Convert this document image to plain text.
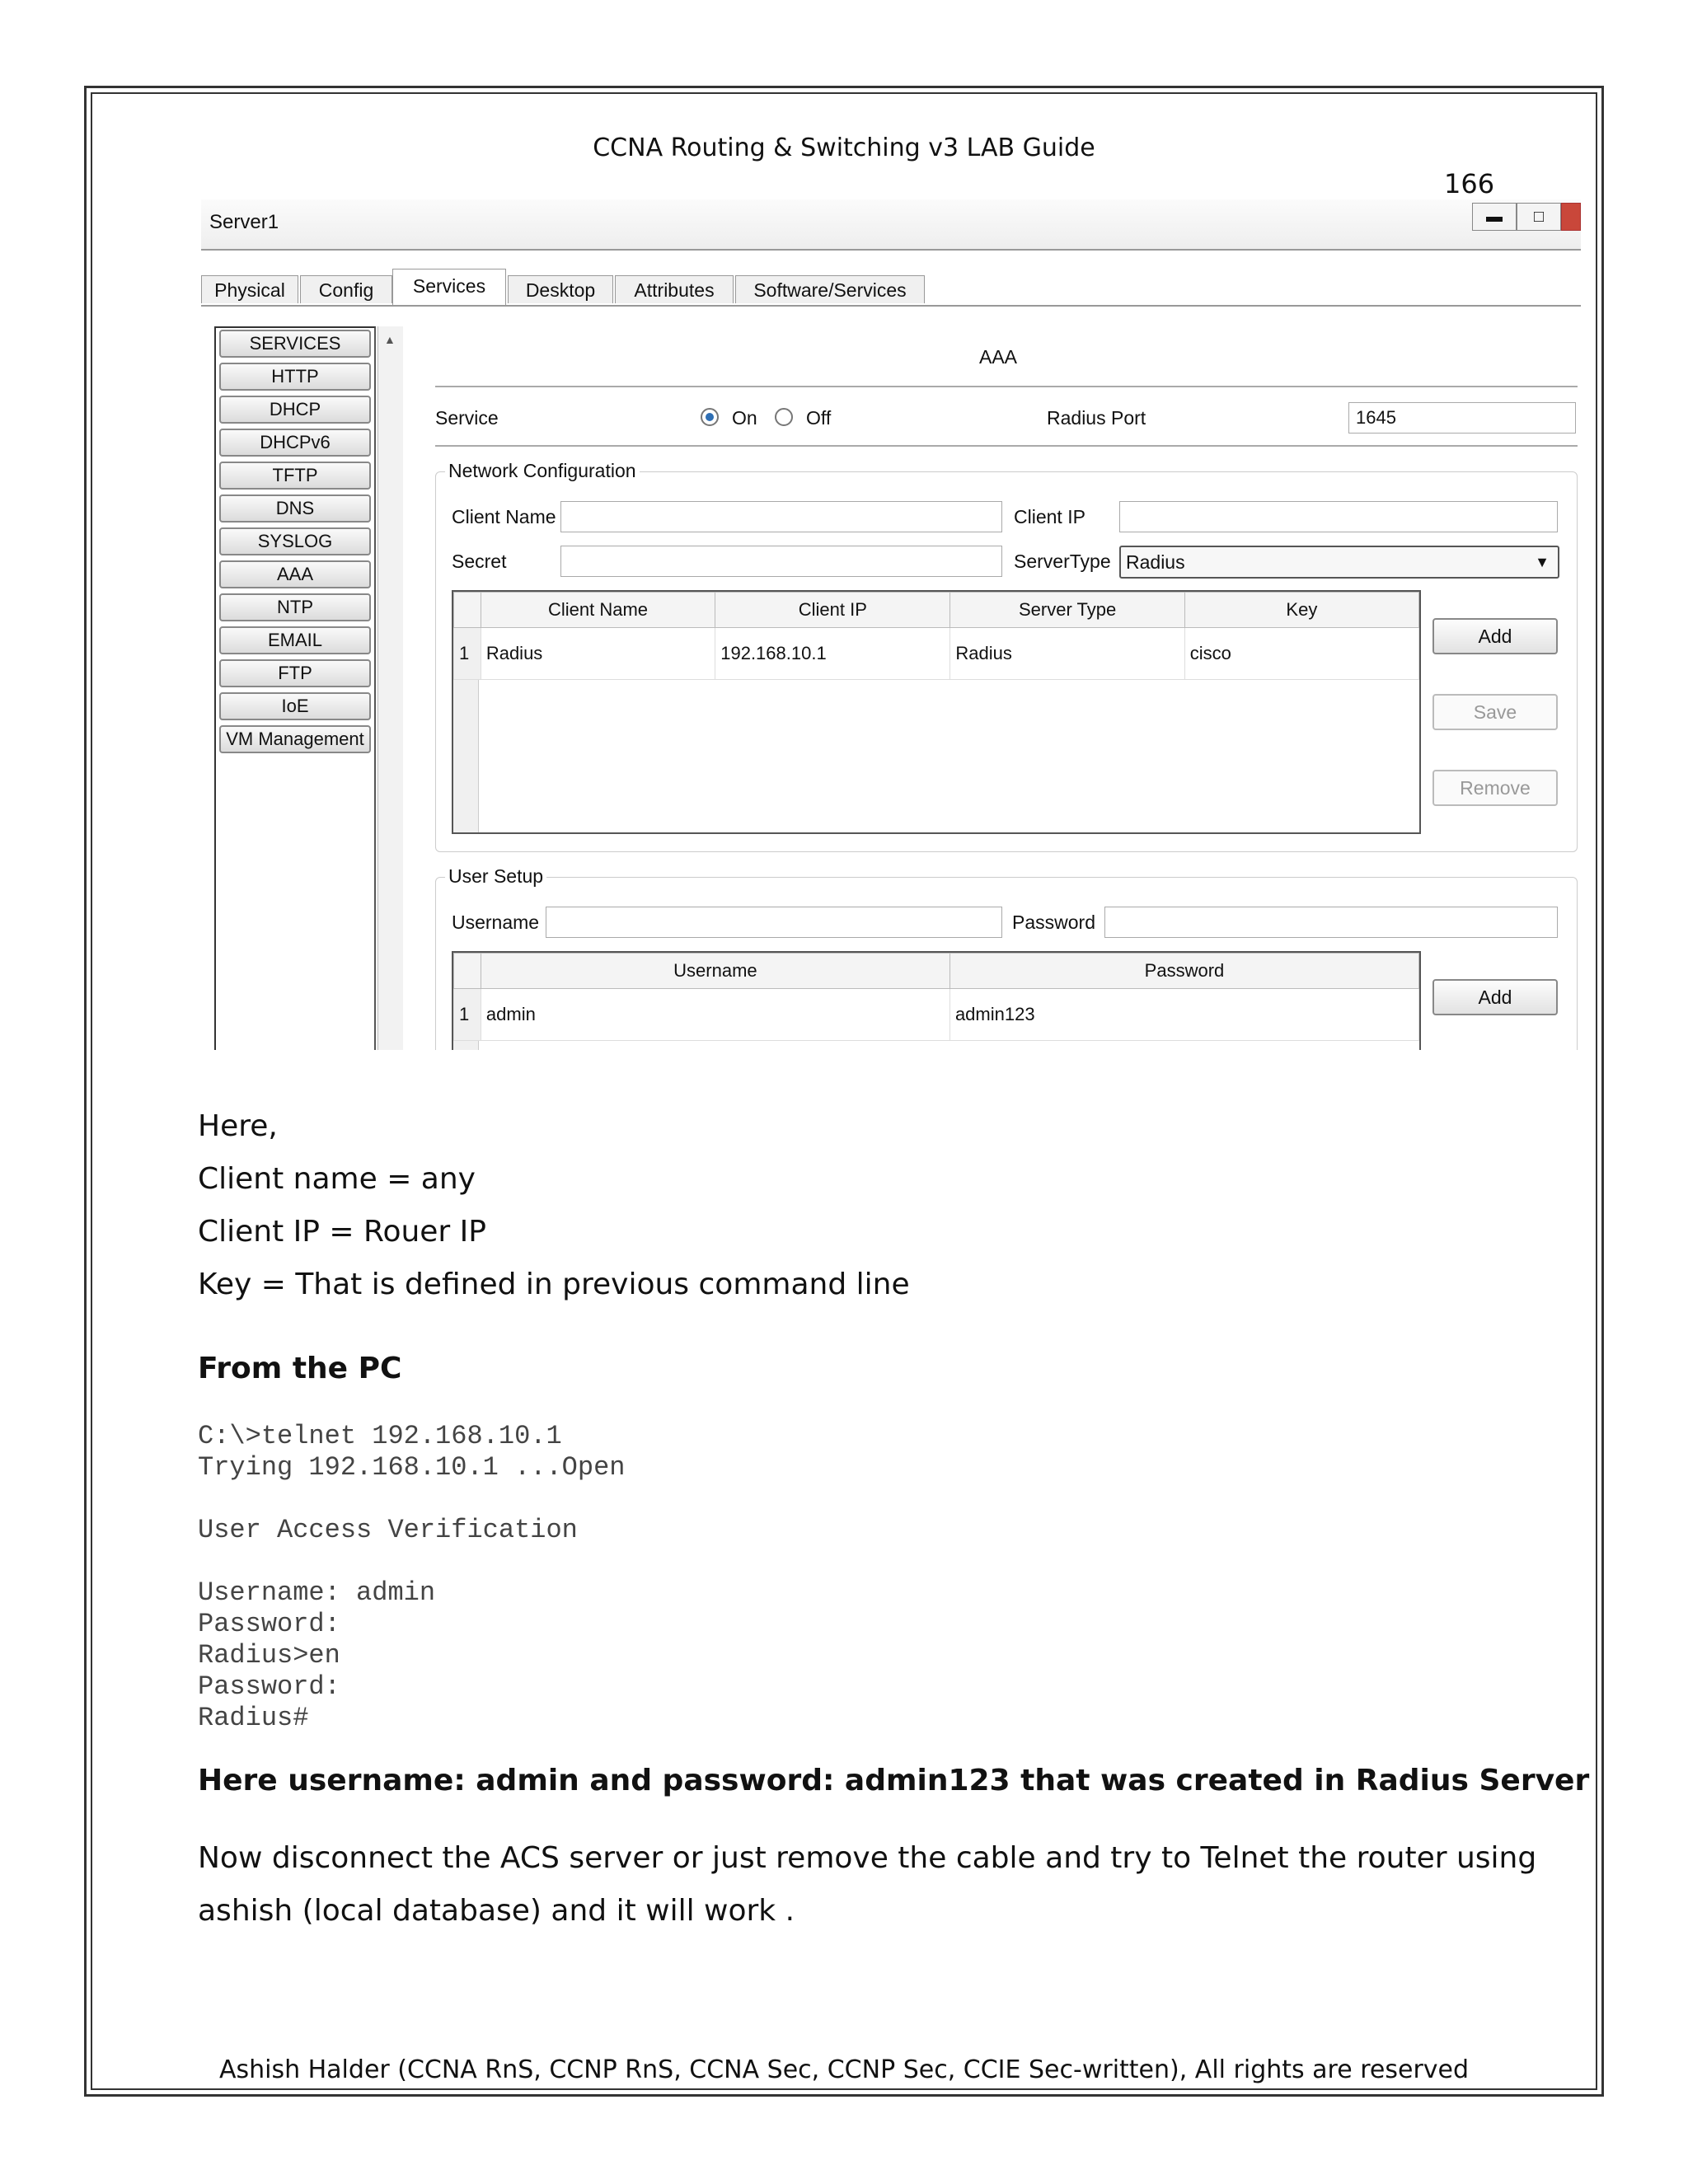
CCNA Routing & Switching v3 LAB Guide
166
Server1	▬	□
Physical	Config	Services	Desktop	Attributes	Software/Services
SERVICES
HTTP
DHCP
DHCPv6
TFTP
DNS
SYSLOG
AAA
NTP
EMAIL
FTP
IoE
VM Management
▲
AAA
Service	On	Off	Radius Port	1645
Network Configuration
Client Name	Client IP
Secret	ServerType Radius	▼
	Client Name	Client IP	Server Type	Key
1	Radius	192.168.10.1	Radius	cisco
Add
Save
Remove
User Setup
Username	Password
	Username	Password
1	admin	admin123
Add
Here,
Client name = any
Client IP = Rouer IP
Key = That is defined in previous command line
From the PC
C:\>telnet 192.168.10.1
Trying 192.168.10.1 ...Open
User Access Verification
Username: admin
Password:
Radius>en
Password:
Radius#
Here username: admin and password: admin123 that was created in Radius Server
Now disconnect the ACS server or just remove the cable and try to Telnet the router using
ashish (local database) and it will work .
Ashish Halder (CCNA RnS, CCNP RnS, CCNA Sec, CCNP Sec, CCIE Sec-written), All rights are reserved
